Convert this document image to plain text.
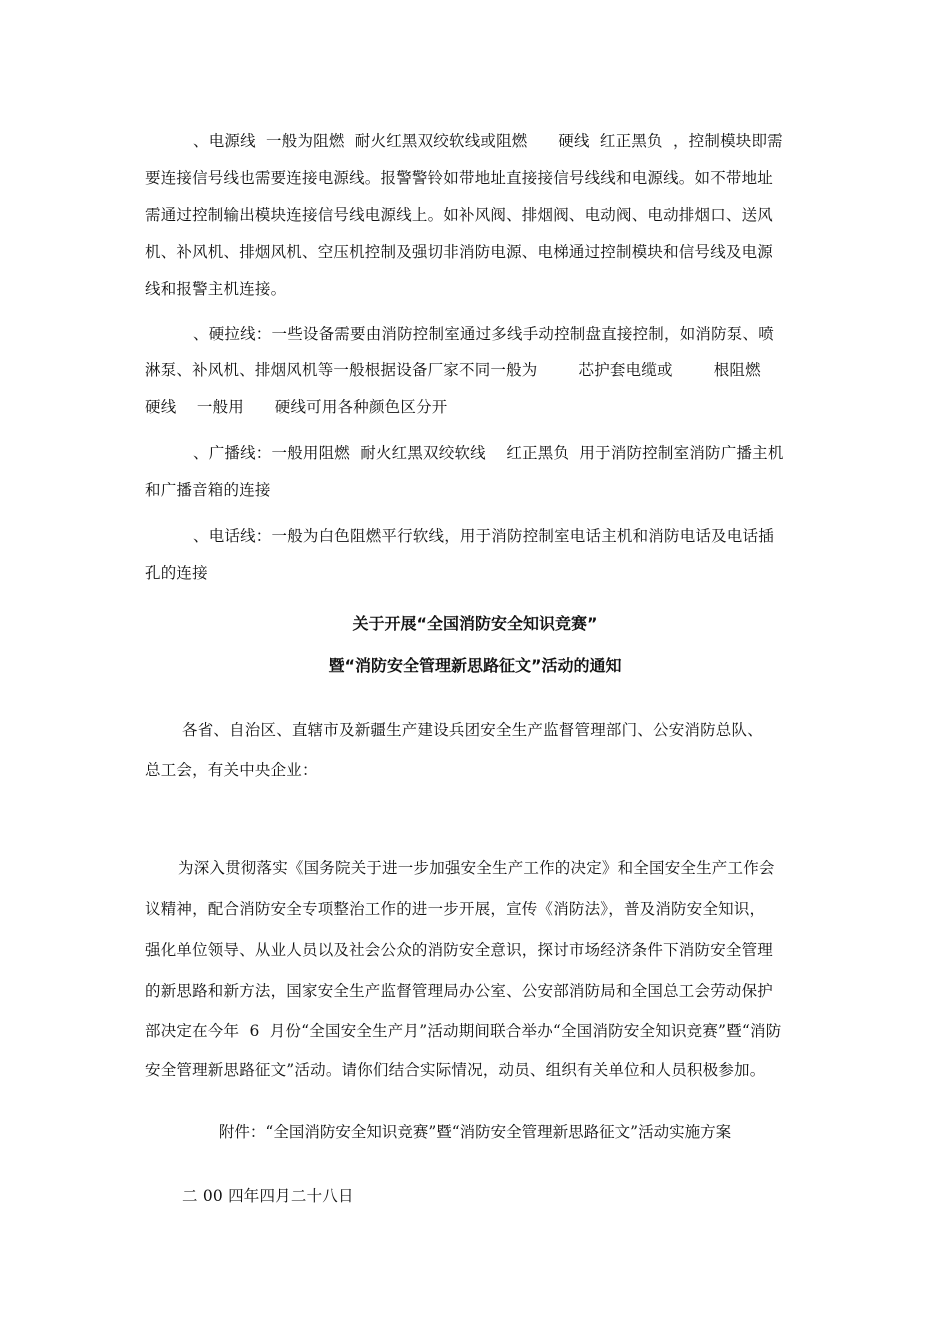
、电源线  一般为阻燃  耐火红黑双绞软线或阻燃      硬线  红正黑负  ，控制模块即需
要连接信号线也需要连接电源线。报警警铃如带地址直接接信号线线和电源线。如不带地址
需通过控制输出模块连接信号线电源线上。如补风阀、排烟阀、电动阀、电动排烟口、送风
机、补风机、排烟风机、空压机控制及强切非消防电源、电梯通过控制模块和信号线及电源
线和报警主机连接。
、硬拉线：一些设备需要由消防控制室通过多线手动控制盘直接控制，如消防泵、喷
淋泵、补风机、排烟风机等一般根据设备厂家不同一般为        芯护套电缆或        根阻燃
硬线    一般用      硬线可用各种颜色区分开
、广播线：一般用阻燃  耐火红黑双绞软线    红正黑负  用于消防控制室消防广播主机
和广播音箱的连接
、电话线：一般为白色阻燃平行软线，用于消防控制室电话主机和消防电话及电话插
孔的连接
关于开展“全国消防安全知识竞赛”
暨“消防安全管理新思路征文”活动的通知
各省、自治区、直辖市及新疆生产建设兵团安全生产监督管理部门、公安消防总队、
总工会，有关中央企业：
为深入贯彻落实《国务院关于进一步加强安全生产工作的决定》和全国安全生产工作会
议精神，配合消防安全专项整治工作的进一步开展，宣传《消防法》，普及消防安全知识，
强化单位领导、从业人员以及社会公众的消防安全意识，探讨市场经济条件下消防安全管理
的新思路和新方法，国家安全生产监督管理局办公室、公安部消防局和全国总工会劳动保护
部决定在今年  6  月份“全国安全生产月”活动期间联合举办“全国消防安全知识竞赛”暨“消防
安全管理新思路征文”活动。请你们结合实际情况，动员、组织有关单位和人员积极参加。
附件：“全国消防安全知识竞赛”暨“消防安全管理新思路征文”活动实施方案
二 00 四年四月二十八日
